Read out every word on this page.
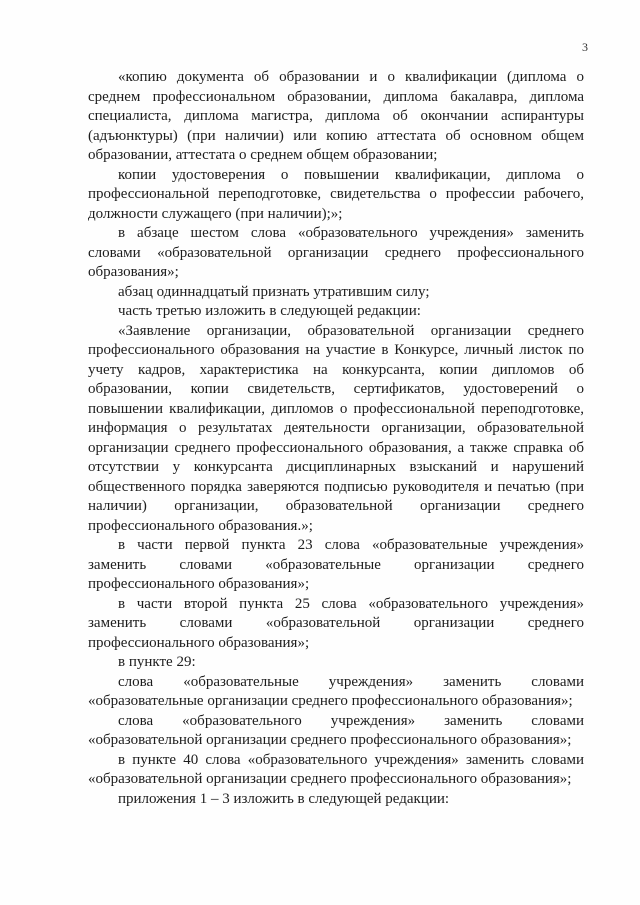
3

«копию документа об образовании и о квалификации (диплома о среднем профессиональном образовании, диплома бакалавра, диплома специалиста, диплома магистра, диплома об окончании аспирантуры (адъюнктуры) (при наличии) или копию аттестата об основном общем образовании, аттестата о среднем общем образовании;

копии удостоверения о повышении квалификации, диплома о профессиональной переподготовке, свидетельства о профессии рабочего, должности служащего (при наличии);»;

в абзаце шестом слова «образовательного учреждения» заменить словами «образовательной организации среднего профессионального образования»;

абзац одиннадцатый признать утратившим силу;

часть третью изложить в следующей редакции:

«Заявление организации, образовательной организации среднего профессионального образования на участие в Конкурсе, личный листок по учету кадров, характеристика на конкурсанта, копии дипломов об образовании, копии свидетельств, сертификатов, удостоверений о повышении квалификации, дипломов о профессиональной переподготовке, информация о результатах деятельности организации, образовательной организации среднего профессионального образования, а также справка об отсутствии у конкурсанта дисциплинарных взысканий и нарушений общественного порядка заверяются подписью руководителя и печатью (при наличии) организации, образовательной организации среднего профессионального образования.»;

в части первой пункта 23 слова «образовательные учреждения» заменить словами «образовательные организации среднего профессионального образования»;

в части второй пункта 25 слова «образовательного учреждения» заменить словами «образовательной организации среднего профессионального образования»;

в пункте 29:

слова «образовательные учреждения» заменить словами «образовательные организации среднего профессионального образования»;

слова «образовательного учреждения» заменить словами «образовательной организации среднего профессионального образования»;

в пункте 40 слова «образовательного учреждения» заменить словами «образовательной организации среднего профессионального образования»;

приложения 1 – 3 изложить в следующей редакции:
